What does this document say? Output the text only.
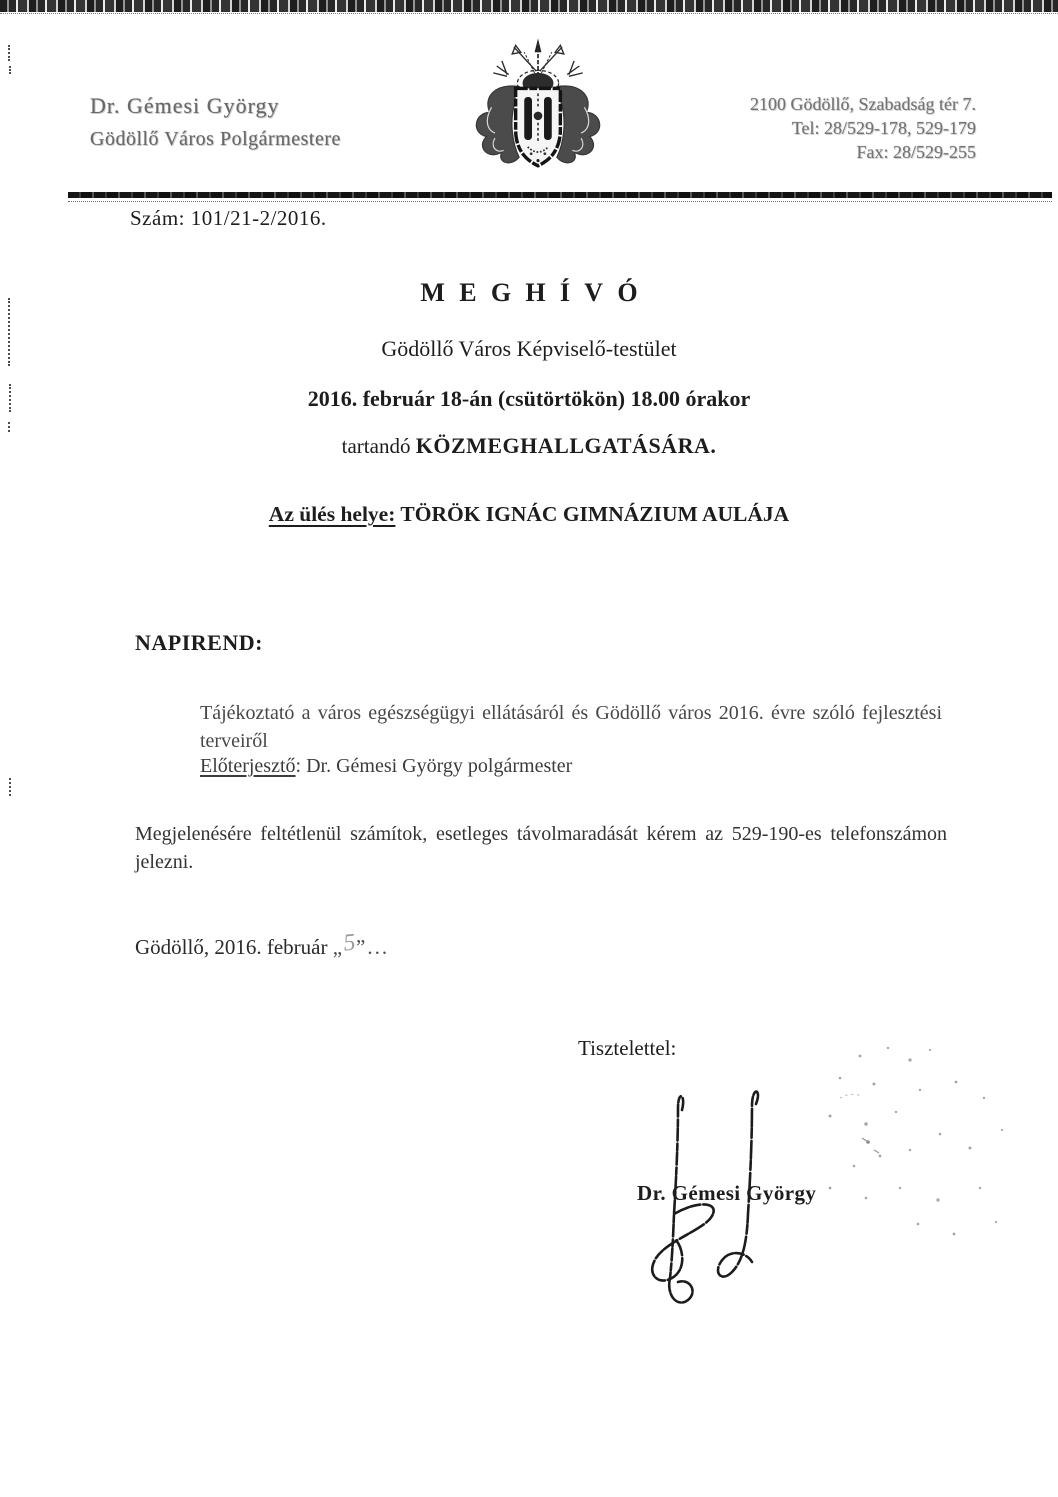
Dr. Gémesi György
Gödöllő Város Polgármestere
2100 Gödöllő, Szabadság tér 7.
Tel: 28/529-178, 529-179
Fax: 28/529-255
Szám: 101/21-2/2016.
MEGHÍVÓ
Gödöllő Város Képviselő-testület
2016. február 18-án (csütörtökön) 18.00 órakor
tartandó KÖZMEGHALLGATÁSÁRA.
Az ülés helye: TÖRÖK IGNÁC GIMNÁZIUM AULÁJA
NAPIREND:
Tájékoztató a város egészségügyi ellátásáról és Gödöllő város 2016. évre szóló fejlesztési terveiről
Előterjesztő: Dr. Gémesi György polgármester
Megjelenésére feltétlenül számítok, esetleges távolmaradását kérem az 529-190-es telefonszámon jelezni.
Gödöllő, 2016. február „5”...
Tisztelettel:
Dr. Gémesi György
